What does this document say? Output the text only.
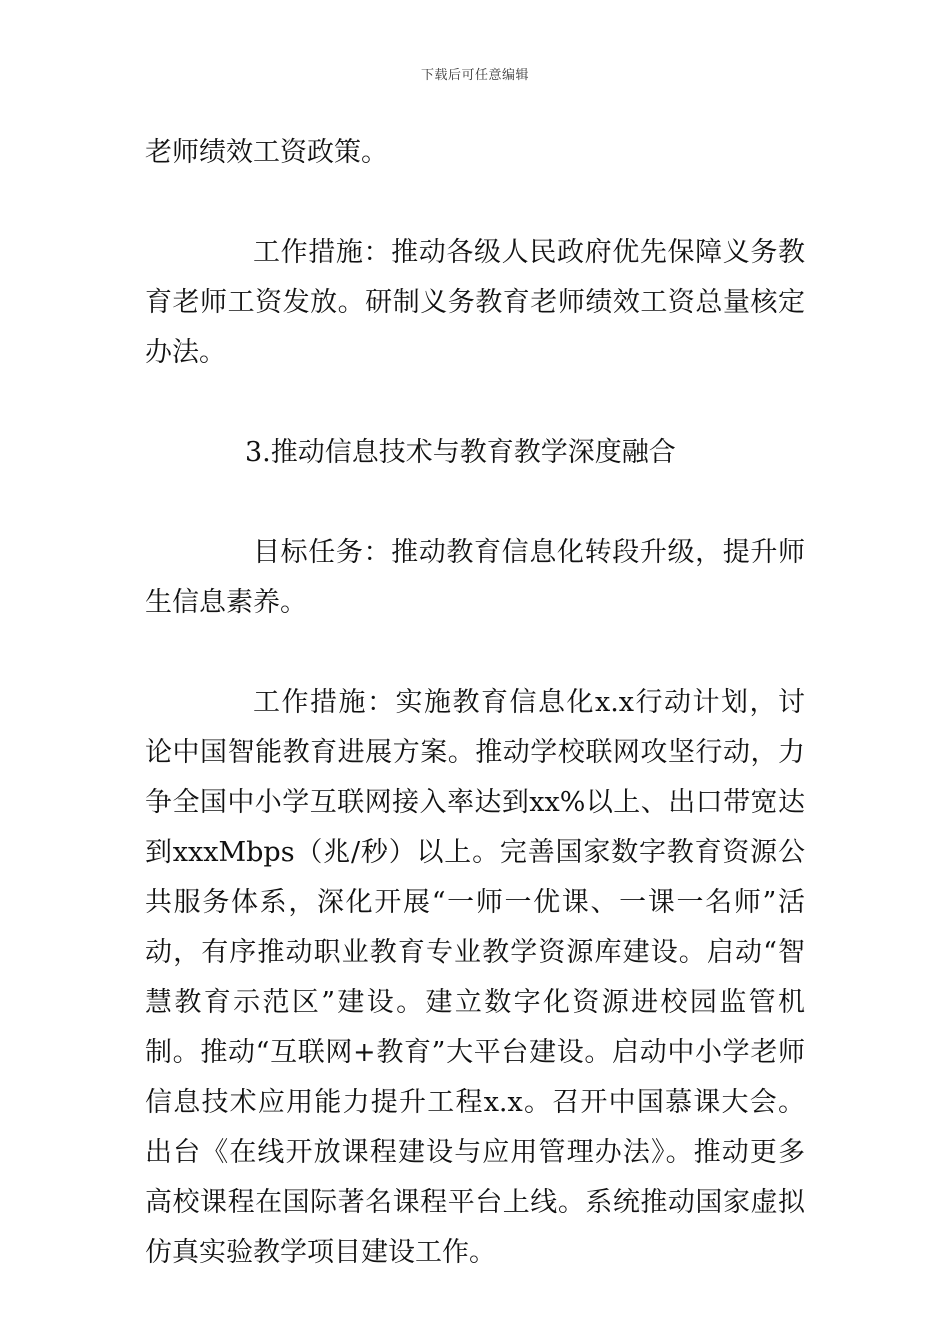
下载后可任意编辑

老师绩效工资政策。

工作措施：推动各级人民政府优先保障义务教育老师工资发放。研制义务教育老师绩效工资总量核定办法。

3.推动信息技术与教育教学深度融合

目标任务：推动教育信息化转段升级，提升师生信息素养。

工作措施：实施教育信息化x.x行动计划，讨论中国智能教育进展方案。推动学校联网攻坚行动，力争全国中小学互联网接入率达到xx%以上、出口带宽达到xxxMbps（兆/秒）以上。完善国家数字教育资源公共服务体系，深化开展“一师一优课、一课一名师”活动，有序推动职业教育专业教学资源库建设。启动“智慧教育示范区”建设。建立数字化资源进校园监管机制。推动“互联网+教育”大平台建设。启动中小学老师信息技术应用能力提升工程x.x。召开中国慕课大会。出台《在线开放课程建设与应用管理办法》。推动更多高校课程在国际著名课程平台上线。系统推动国家虚拟仿真实验教学项目建设工作。
